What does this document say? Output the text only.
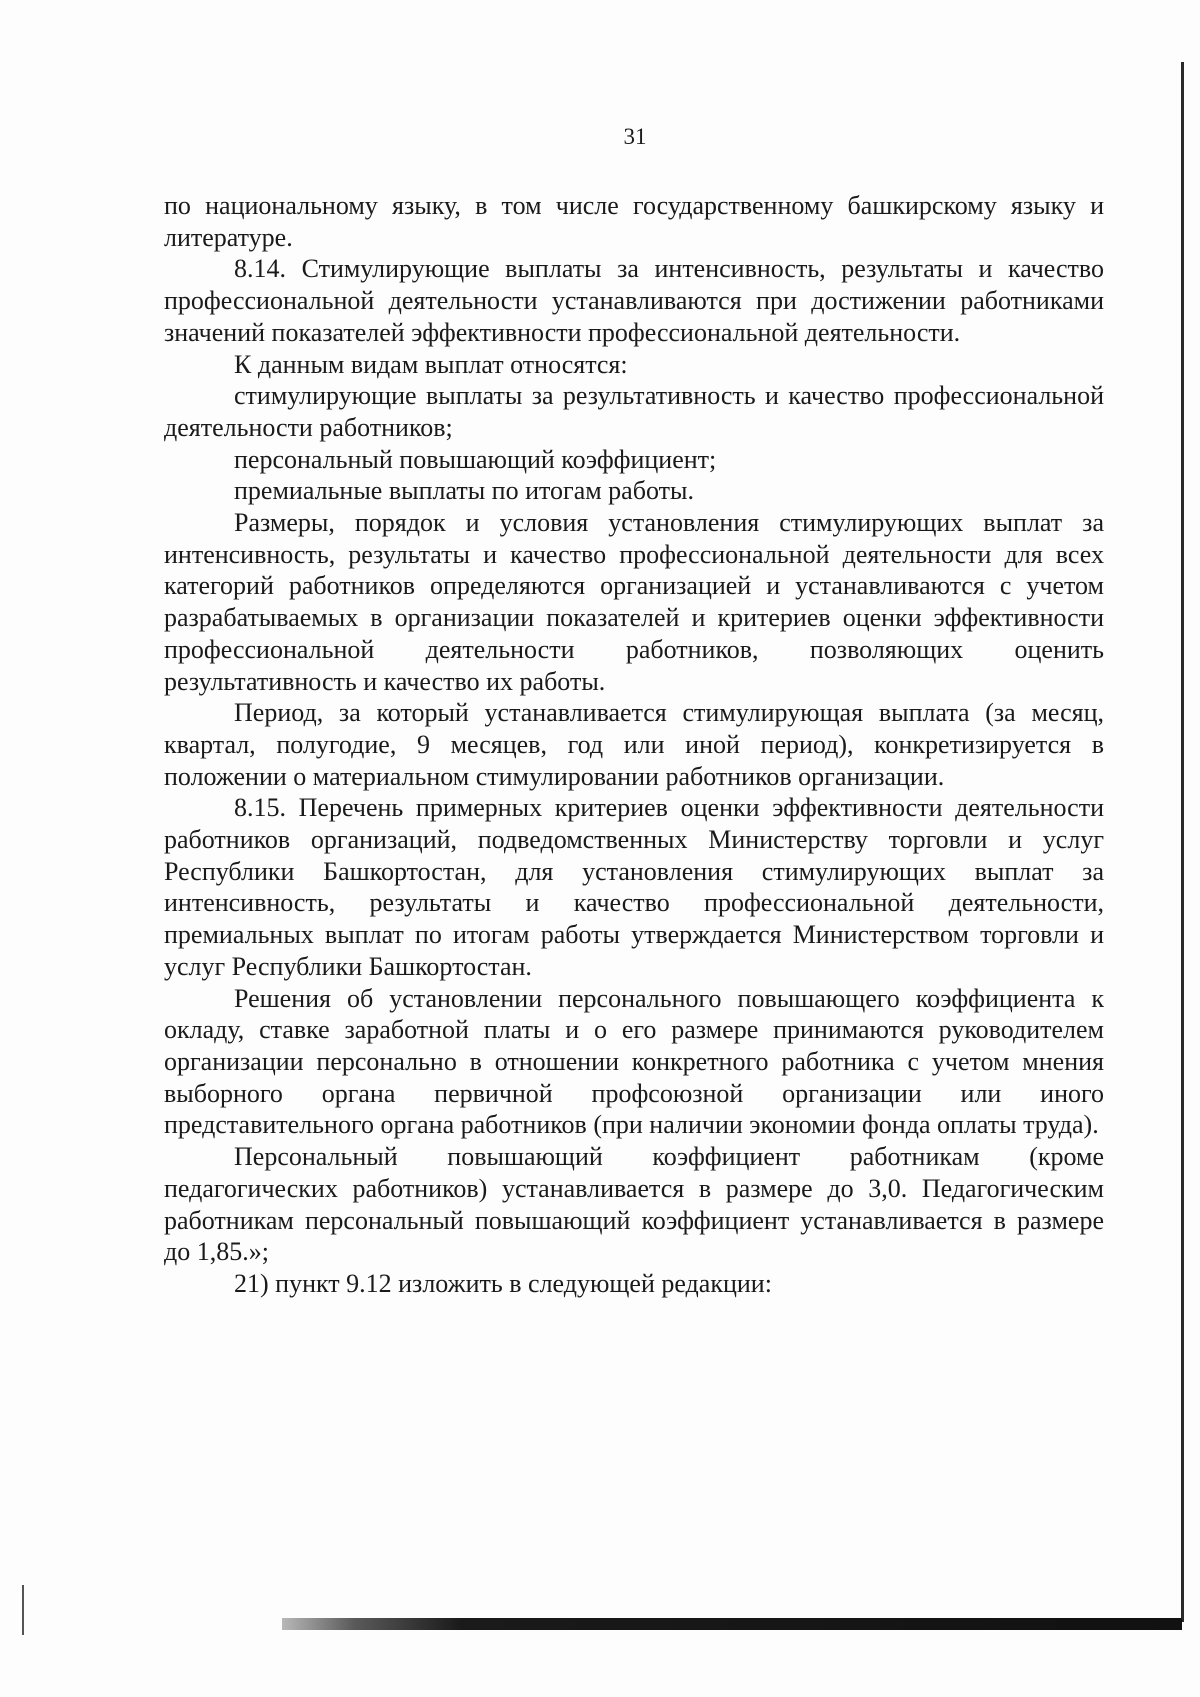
31

по национальному языку, в том числе государственному башкирскому языку и литературе.

8.14. Стимулирующие выплаты за интенсивность, результаты и качество профессиональной деятельности устанавливаются при достижении работниками значений показателей эффективности профессиональной деятельности.

К данным видам выплат относятся:

стимулирующие выплаты за результативность и качество профессиональной деятельности работников;

персональный повышающий коэффициент;

премиальные выплаты по итогам работы.

Размеры, порядок и условия установления стимулирующих выплат за интенсивность, результаты и качество профессиональной деятельности для всех категорий работников определяются организацией и устанавливаются с учетом разрабатываемых в организации показателей и критериев оценки эффективности профессиональной деятельности работников, позволяющих оценить результативность и качество их работы.

Период, за который устанавливается стимулирующая выплата (за месяц, квартал, полугодие, 9 месяцев, год или иной период), конкретизируется в положении о материальном стимулировании работников организации.

8.15. Перечень примерных критериев оценки эффективности деятельности работников организаций, подведомственных Министерству торговли и услуг Республики Башкортостан, для установления стимулирующих выплат за интенсивность, результаты и качество профессиональной деятельности, премиальных выплат по итогам работы утверждается Министерством торговли и услуг Республики Башкортостан.

Решения об установлении персонального повышающего коэффициента к окладу, ставке заработной платы и о его размере принимаются руководителем организации персонально в отношении конкретного работника с учетом мнения выборного органа первичной профсоюзной организации или иного представительного органа работников (при наличии экономии фонда оплаты труда).

Персональный повышающий коэффициент работникам (кроме педагогических работников) устанавливается в размере до 3,0. Педагогическим работникам персональный повышающий коэффициент устанавливается в размере до 1,85.»;

21) пункт 9.12 изложить в следующей редакции:
